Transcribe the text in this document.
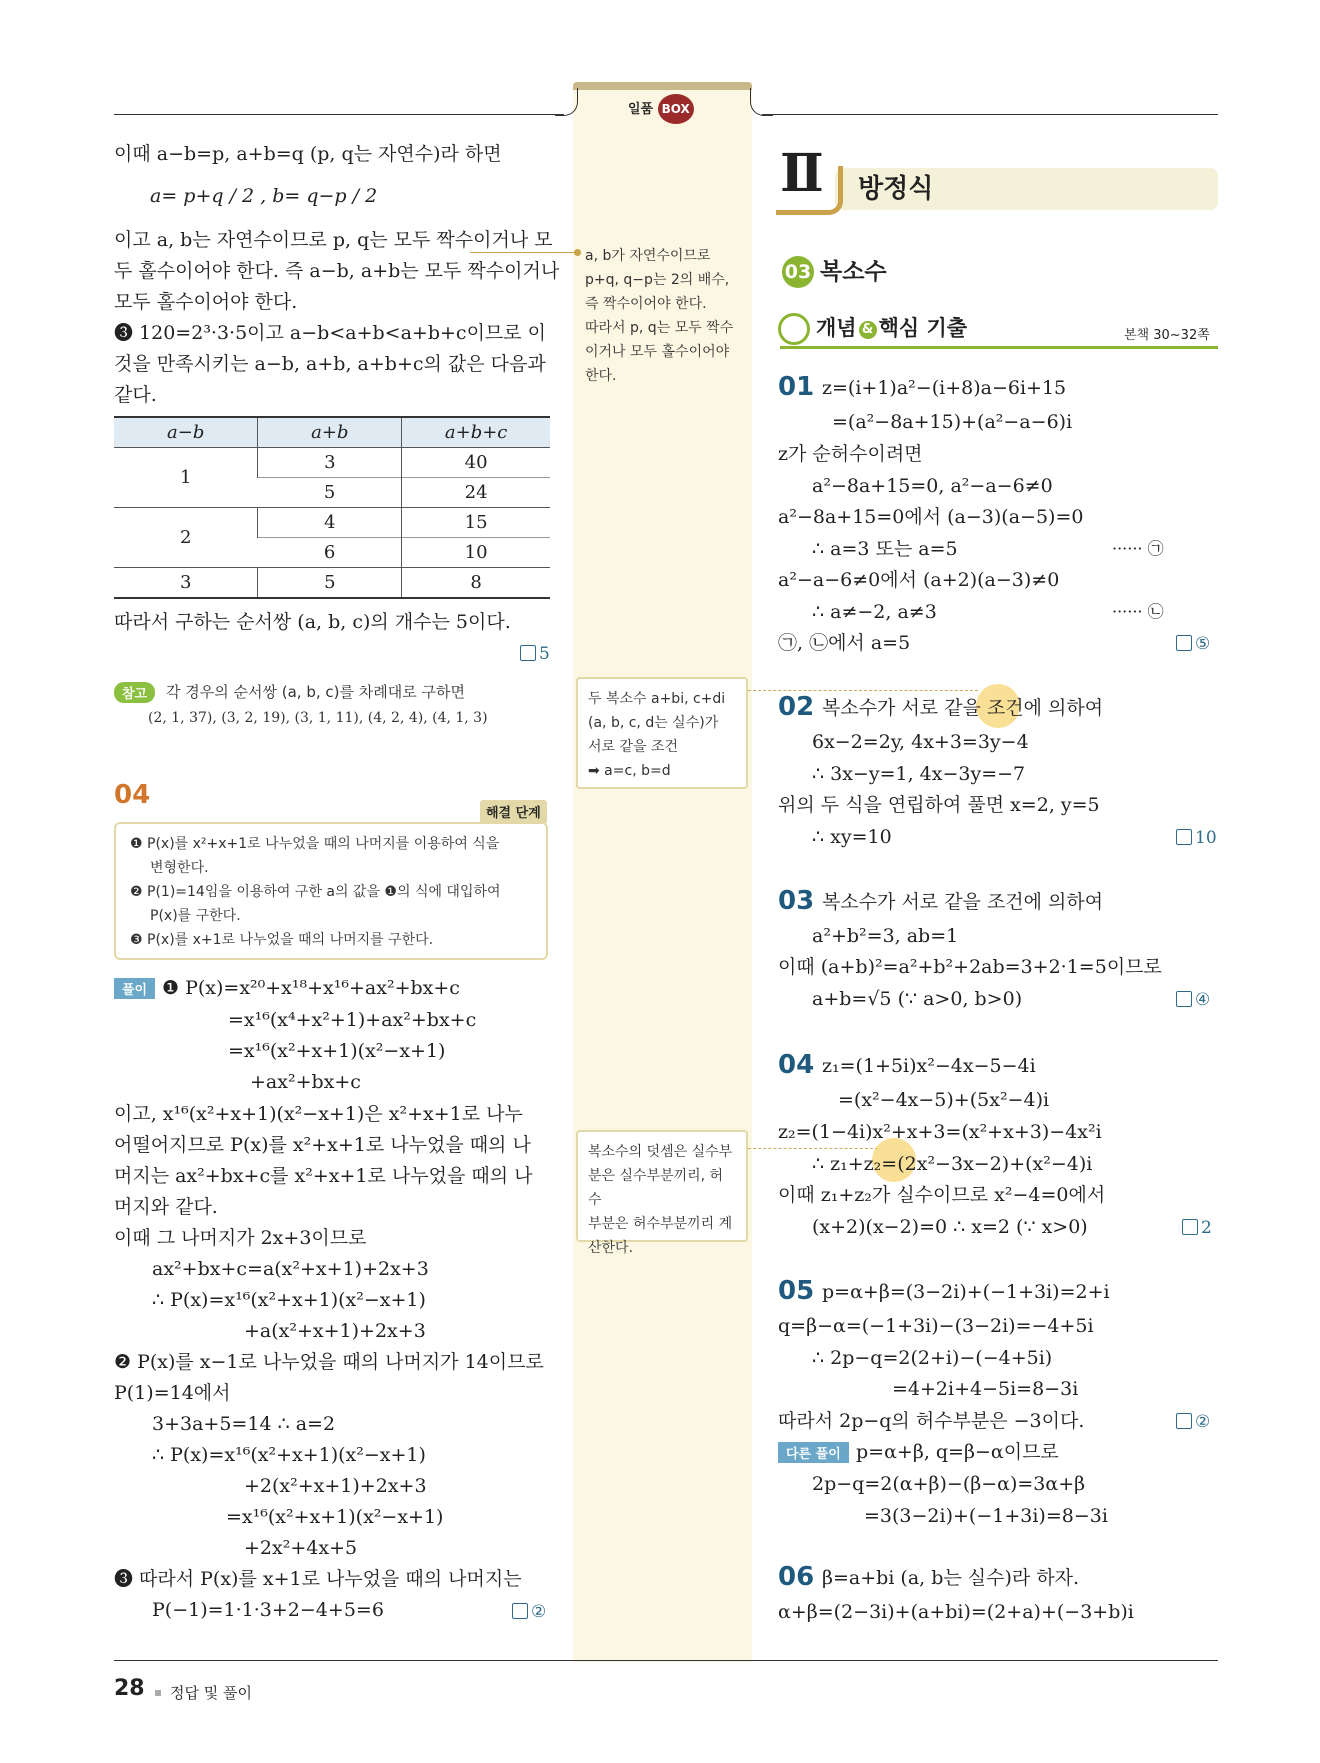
일품 BOX
이때 a−b=p, a+b=q (p, q는 자연수)라 하면
a= p+q / 2 , b= q−p / 2
이고 a, b는 자연수이므로 p, q는 모두 짝수이거나 모
두 홀수이어야 한다. 즉 a−b, a+b는 모두 짝수이거나
모두 홀수이어야 한다.
❸ 120=2³·3·5이고 a−b<a+b<a+b+c이므로 이
것을 만족시키는 a−b, a+b, a+b+c의 값은 다음과
같다.
a−b	a+b	a+b+c
1	3	40
	5	24
2	4	15
	6	10
3	5	8
따라서 구하는 순서쌍 (a, b, c)의 개수는 5이다.
5
참고	각 경우의 순서쌍 (a, b, c)를 차례대로 구하면
(2, 1, 37), (3, 2, 19), (3, 1, 11), (4, 2, 4), (4, 1, 3)
04
해결 단계
❶ P(x)를 x²+x+1로 나누었을 때의 나머지를 이용하여 식을
변형한다.
❷ P(1)=14임을 이용하여 구한 a의 값을 ❶의 식에 대입하여
P(x)를 구한다.
❸ P(x)를 x+1로 나누었을 때의 나머지를 구한다.
풀이 ❶ P(x)=x²⁰+x¹⁸+x¹⁶+ax²+bx+c
=x¹⁶(x⁴+x²+1)+ax²+bx+c
=x¹⁶(x²+x+1)(x²−x+1)
+ax²+bx+c
이고, x¹⁶(x²+x+1)(x²−x+1)은 x²+x+1로 나누
어떨어지므로 P(x)를 x²+x+1로 나누었을 때의 나
머지는 ax²+bx+c를 x²+x+1로 나누었을 때의 나
머지와 같다.
이때 그 나머지가 2x+3이므로
ax²+bx+c=a(x²+x+1)+2x+3
∴ P(x)=x¹⁶(x²+x+1)(x²−x+1)
+a(x²+x+1)+2x+3
❷ P(x)를 x−1로 나누었을 때의 나머지가 14이므로
P(1)=14에서
3+3a+5=14 ∴ a=2
∴ P(x)=x¹⁶(x²+x+1)(x²−x+1)
+2(x²+x+1)+2x+3
=x¹⁶(x²+x+1)(x²−x+1)
+2x²+4x+5
❸ 따라서 P(x)를 x+1로 나누었을 때의 나머지는
P(−1)=1·1·3+2−4+5=6	②
a, b가 자연수이므로
p+q, q−p는 2의 배수,
즉 짝수이어야 한다.
따라서 p, q는 모두 짝수
이거나 모두 홀수이어야
한다.
두 복소수 a+bi, c+di
(a, b, c, d는 실수)가
서로 같을 조건
➡ a=c, b=d
복소수의 덧셈은 실수부
분은 실수부분끼리, 허수
부분은 허수부분끼리 계
산한다.
Ⅱ 방정식
03 복소수
개념 & 핵심 기출	본책 30~32쪽
01 z=(i+1)a²−(i+8)a−6i+15
=(a²−8a+15)+(a²−a−6)i
z가 순허수이려면
a²−8a+15=0, a²−a−6≠0
a²−8a+15=0에서 (a−3)(a−5)=0
∴ a=3 또는 a=5	······ ㉠
a²−a−6≠0에서 (a+2)(a−3)≠0
∴ a≠−2, a≠3	······ ㉡
㉠, ㉡에서 a=5	⑤
02 복소수가 서로 같을 조건에 의하여
6x−2=2y, 4x+3=3y−4
∴ 3x−y=1, 4x−3y=−7
위의 두 식을 연립하여 풀면 x=2, y=5
∴ xy=10	10
03 복소수가 서로 같을 조건에 의하여
a²+b²=3, ab=1
이때 (a+b)²=a²+b²+2ab=3+2·1=5이므로
a+b=√5 (∵ a>0, b>0)	④
04 z₁=(1+5i)x²−4x−5−4i
=(x²−4x−5)+(5x²−4)i
z₂=(1−4i)x²+x+3=(x²+x+3)−4x²i
∴ z₁+z₂=(2x²−3x−2)+(x²−4)i
이때 z₁+z₂가 실수이므로 x²−4=0에서
(x+2)(x−2)=0 ∴ x=2 (∵ x>0)	2
05 p=α+β=(3−2i)+(−1+3i)=2+i
q=β−α=(−1+3i)−(3−2i)=−4+5i
∴ 2p−q=2(2+i)−(−4+5i)
=4+2i+4−5i=8−3i
따라서 2p−q의 허수부분은 −3이다.	②
다른 풀이 p=α+β, q=β−α이므로
2p−q=2(α+β)−(β−α)=3α+β
=3(3−2i)+(−1+3i)=8−3i
06 β=a+bi (a, b는 실수)라 하자.
α+β=(2−3i)+(a+bi)=(2+a)+(−3+b)i
28 정답 및 풀이
